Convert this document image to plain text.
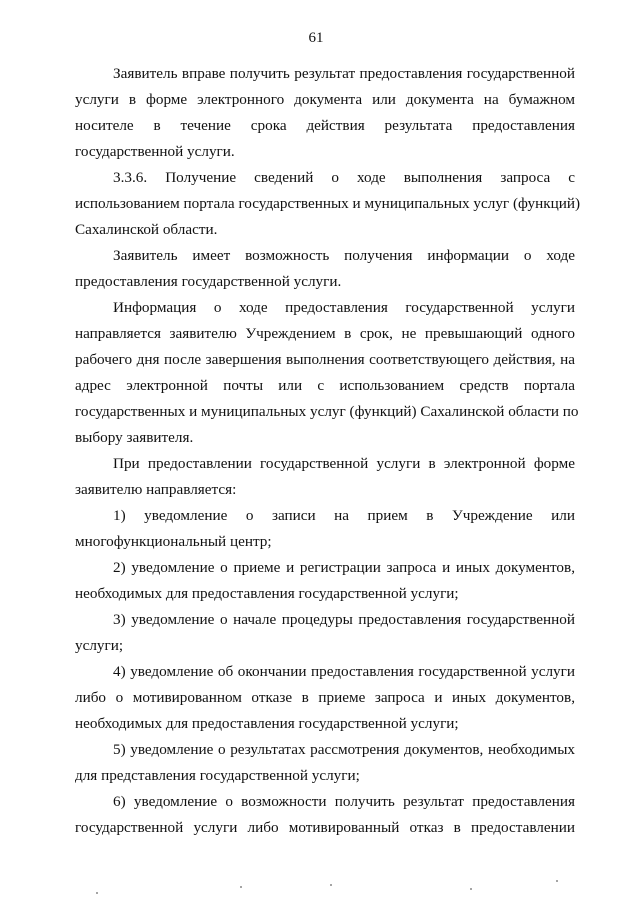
61
Заявитель вправе получить результат предоставления государственной
услуги в форме электронного документа или документа на бумажном
носителе в течение срока действия результата предоставления
государственной услуги.
3.3.6. Получение сведений о ходе выполнения запроса с
использованием портала государственных и муниципальных услуг (функций)
Сахалинской области.
Заявитель имеет возможность получения информации о ходе
предоставления государственной услуги.
Информация о ходе предоставления государственной услуги
направляется заявителю Учреждением в срок, не превышающий одного
рабочего дня после завершения выполнения соответствующего действия, на
адрес электронной почты или с использованием средств портала
государственных и муниципальных услуг (функций) Сахалинской области по
выбору заявителя.
При предоставлении государственной услуги в электронной форме
заявителю направляется:
1) уведомление о записи на прием в Учреждение или
многофункциональный центр;
2) уведомление о приеме и регистрации запроса и иных документов,
необходимых для предоставления государственной услуги;
3) уведомление о начале процедуры предоставления государственной
услуги;
4) уведомление об окончании предоставления государственной услуги
либо о мотивированном отказе в приеме запроса и иных документов,
необходимых для предоставления государственной услуги;
5) уведомление о результатах рассмотрения документов, необходимых
для представления государственной услуги;
6) уведомление о возможности получить результат предоставления
государственной услуги либо мотивированный отказ в предоставлении
